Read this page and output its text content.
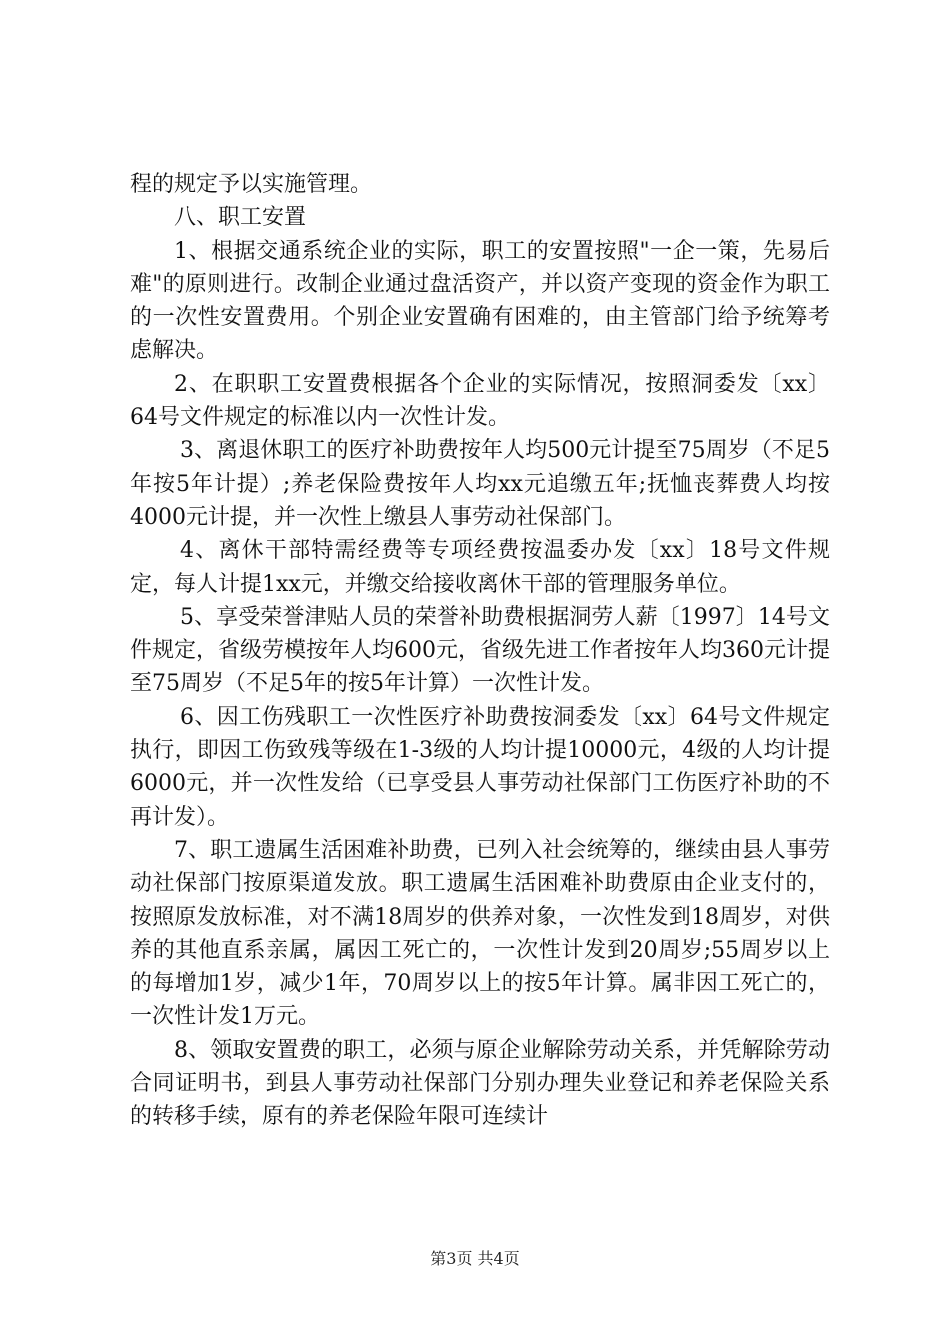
程的规定予以实施管理。

八、职工安置

1、根据交通系统企业的实际，职工的安置按照"一企一策，先易后难"的原则进行。改制企业通过盘活资产，并以资产变现的资金作为职工的一次性安置费用。个别企业安置确有困难的，由主管部门给予统筹考虑解决。

2、在职职工安置费根据各个企业的实际情况，按照洞委发〔xx〕64号文件规定的标准以内一次性计发。

3、离退休职工的医疗补助费按年人均500元计提至75周岁（不足5年按5年计提）;养老保险费按年人均xx元追缴五年;抚恤丧葬费人均按4000元计提，并一次性上缴县人事劳动社保部门。

4、离休干部特需经费等专项经费按温委办发〔xx〕18号文件规定，每人计提1xx元，并缴交给接收离休干部的管理服务单位。

5、享受荣誉津贴人员的荣誉补助费根据洞劳人薪〔1997〕14号文件规定，省级劳模按年人均600元，省级先进工作者按年人均360元计提至75周岁（不足5年的按5年计算）一次性计发。

6、因工伤残职工一次性医疗补助费按洞委发〔xx〕64号文件规定执行，即因工伤致残等级在1-3级的人均计提10000元，4级的人均计提6000元，并一次性发给（已享受县人事劳动社保部门工伤医疗补助的不再计发）。

7、职工遗属生活困难补助费，已列入社会统筹的，继续由县人事劳动社保部门按原渠道发放。职工遗属生活困难补助费原由企业支付的，按照原发放标准，对不满18周岁的供养对象，一次性发到18周岁，对供养的其他直系亲属，属因工死亡的，一次性计发到20周岁;55周岁以上的每增加1岁，减少1年，70周岁以上的按5年计算。属非因工死亡的，一次性计发1万元。

8、领取安置费的职工，必须与原企业解除劳动关系，并凭解除劳动合同证明书，到县人事劳动社保部门分别办理失业登记和养老保险关系的转移手续，原有的养老保险年限可连续计

第3页 共4页
